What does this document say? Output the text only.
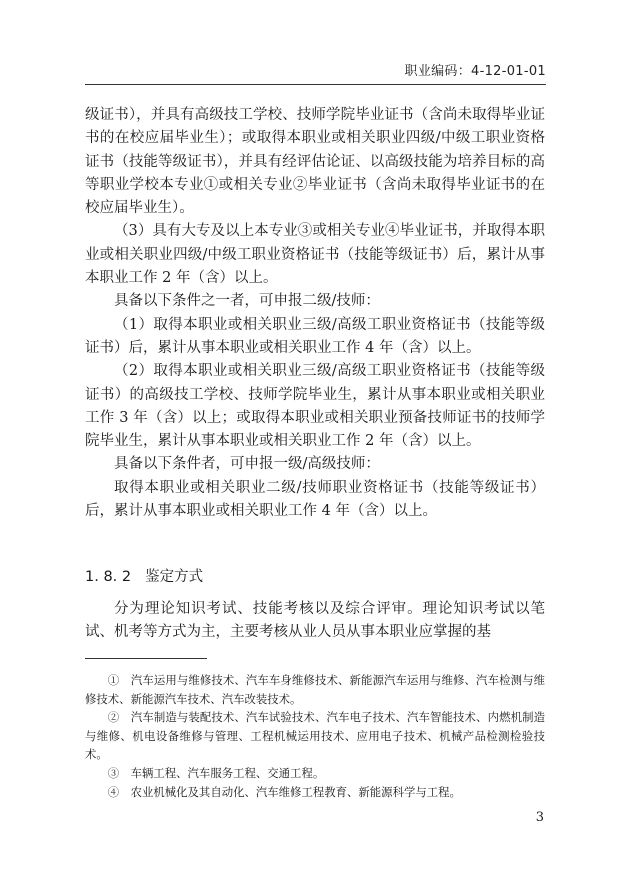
职业编码：4-12-01-01

级证书），并具有高级技工学校、技师学院毕业证书（含尚未取得毕业证书的在校应届毕业生）；或取得本职业或相关职业四级/中级工职业资格证书（技能等级证书），并具有经评估论证、以高级技能为培养目标的高等职业学校本专业①或相关专业②毕业证书（含尚未取得毕业证书的在校应届毕业生）。

（3）具有大专及以上本专业③或相关专业④毕业证书，并取得本职业或相关职业四级/中级工职业资格证书（技能等级证书）后，累计从事本职业工作 2 年（含）以上。

具备以下条件之一者，可申报二级/技师：

（1）取得本职业或相关职业三级/高级工职业资格证书（技能等级证书）后，累计从事本职业或相关职业工作 4 年（含）以上。

（2）取得本职业或相关职业三级/高级工职业资格证书（技能等级证书）的高级技工学校、技师学院毕业生，累计从事本职业或相关职业工作 3 年（含）以上；或取得本职业或相关职业预备技师证书的技师学院毕业生，累计从事本职业或相关职业工作 2 年（含）以上。

具备以下条件者，可申报一级/高级技师：

取得本职业或相关职业二级/技师职业资格证书（技能等级证书）后，累计从事本职业或相关职业工作 4 年（含）以上。

1. 8. 2 鉴定方式

分为理论知识考试、技能考核以及综合评审。理论知识考试以笔试、机考等方式为主，主要考核从业人员从事本职业应掌握的基

①　汽车运用与维修技术、汽车车身维修技术、新能源汽车运用与维修、汽车检测与维修技术、新能源汽车技术、汽车改装技术。

②　汽车制造与装配技术、汽车试验技术、汽车电子技术、汽车智能技术、内燃机制造与维修、机电设备维修与管理、工程机械运用技术、应用电子技术、机械产品检测检验技术。

③　车辆工程、汽车服务工程、交通工程。

④　农业机械化及其自动化、汽车维修工程教育、新能源科学与工程。

3
